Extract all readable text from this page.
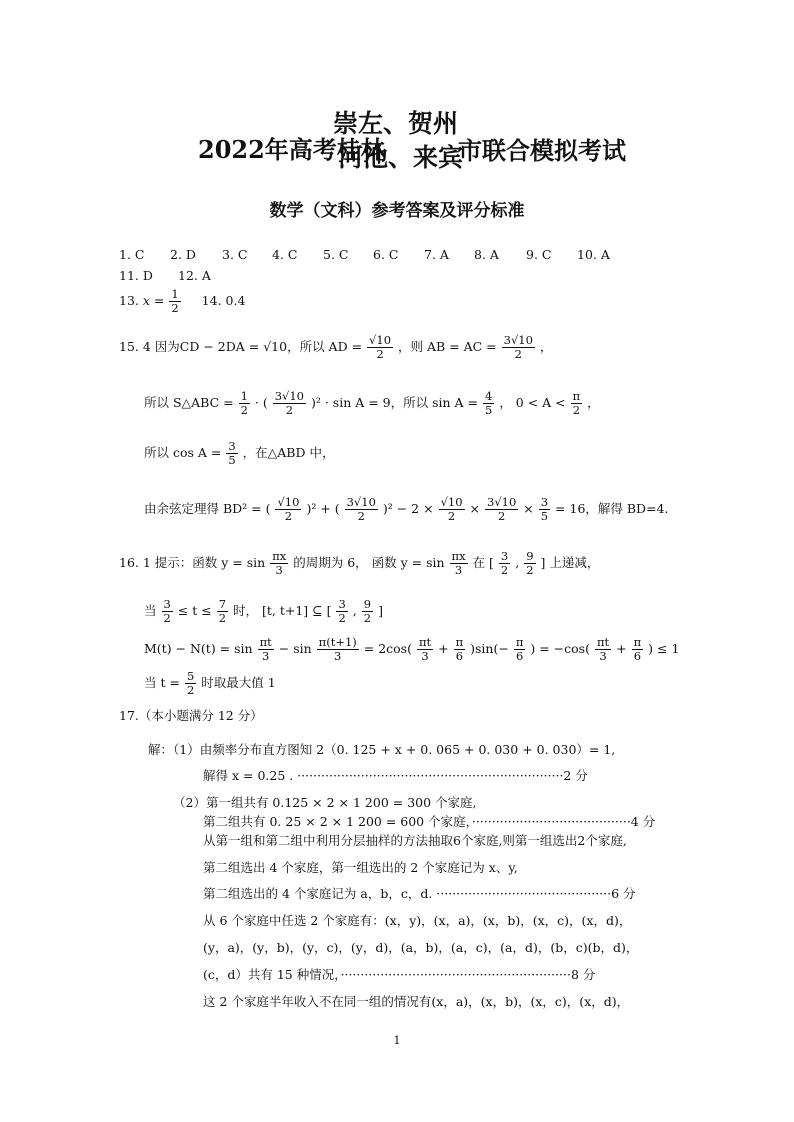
崇左、贺州
2022年高考桂林
河池、来宾
市联合模拟考试
数学（文科）参考答案及评分标准
1. C 2. D 3. C 4. C 5. C 6. C 7. A 8. A 9. C 10. A
11. D 12. A
13. $x = \frac{1}{2} 14$. 0.4
15. 4 因为CD − 2DA = √10，所以 AD = $\frac{√10}{2}$ ，则 AB = AC = $\frac{3√10}{2}$ ，
所以 S△ABC = $\frac{1}{2}$ · ( $\frac{3√10}{2} )^2 \cdot \sin A = 9$，所以 $\sin A = \frac{4}{5}$ ， $0 < A < \frac{\pi}{2}$ ，
所以 $\cos A = \frac{3}{5}$ ，在△ABD 中，
由余弦定理得 BD² = ( $\frac{√10}{2} )^2$ + ( $\frac{3√10}{2} )^2 - 2 \times \frac{√10}{2} \times \frac{3√10}{2} \times \frac{3}{5} = 16$，解得 BD=4.
16. 1 提示：函数 $y = \sin \frac{\pi x}{3}$ 的周期为 6， 函数 $y = \sin \frac{\pi x}{3}$ 在 [ $\frac{3}{2}$ , $\frac{9}{2}$ ] 上递减，
当 $\frac{3}{2} \le t \le \frac{7}{2}$ 时， [t, t+1] ⊆ [ $\frac{3}{2}$ , $\frac{9}{2}$ ]
$M(t) - N(t) = \sin \frac{\pi t}{3} - \sin \frac{\pi(t+1)}{3} = 2\cos( \frac{\pi t}{3} + \frac{\pi}{6} )\sin(- \frac{\pi}{6}$ ) = $-\cos( \frac{\pi t}{3} + \frac{\pi}{6}$ ) ≤ 1
当 $t = \frac{5}{2}$ 时取最大值 1
17.（本小题满分 12 分）
解：（1）由频率分布直方图知 2（0. 125 + x + 0. 065 + 0. 030 + 0. 030）= 1,
解得 x = 0.25 . ···································································2 分
（2）第一组共有 0.125 × 2 × 1 200 = 300 个家庭,
第二组共有 0. 25 × 2 × 1 200 = 600 个家庭，········································4 分
从第一组和第二组中利用分层抽样的方法抽取6个家庭,则第一组选出2个家庭,
第二组选出 4 个家庭，第一组选出的 2 个家庭记为 x、y,
第二组选出的 4 个家庭记为 a，b，c，d. ············································6 分
从 6 个家庭中任选 2 个家庭有：(x，y)，(x，a)，(x，b)，(x，c)，(x，d)，
(y，a)，(y，b)，(y，c)，(y，d)，(a，b)，(a，c)，(a，d)，(b，c)(b，d)，
(c，d）共有 15 种情况，··························································8 分
这 2 个家庭半年收入不在同一组的情况有(x，a)，(x，b)，(x，c)，(x，d)，
1
